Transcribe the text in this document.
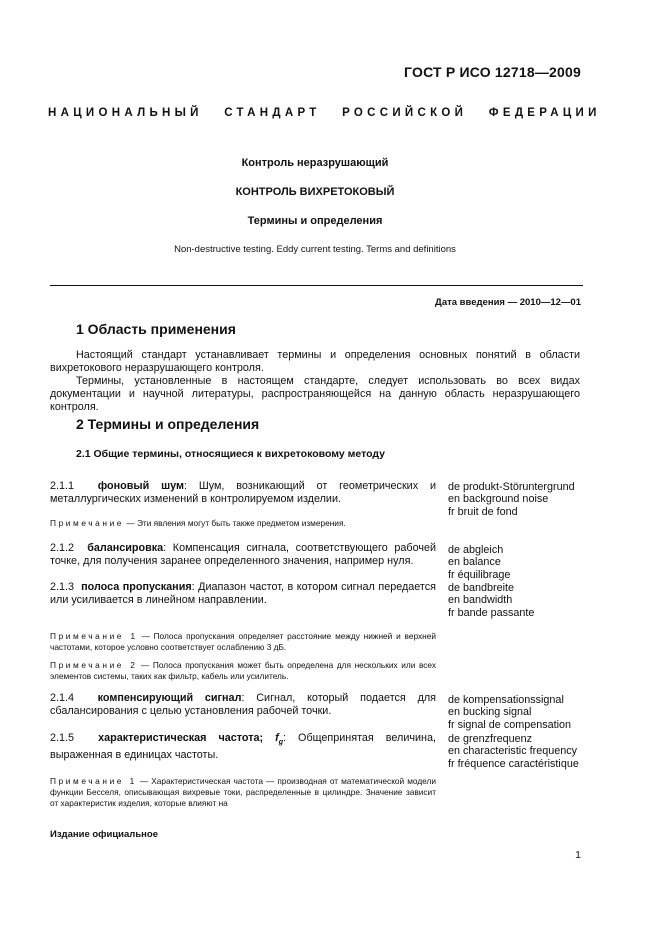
ГОСТ Р ИСО 12718—2009
НАЦИОНАЛЬНЫЙ СТАНДАРТ РОССИЙСКОЙ ФЕДЕРАЦИИ
Контроль неразрушающий
КОНТРОЛЬ ВИХРЕТОКОВЫЙ
Термины и определения
Non-destructive testing. Eddy current testing. Terms and definitions
Дата введения — 2010—12—01
1 Область применения
Настоящий стандарт устанавливает термины и определения основных понятий в области вихретокового неразрушающего контроля.
Термины, установленные в настоящем стандарте, следует использовать во всех видах документации и научной литературы, распространяющейся на данную область неразрушающего контроля.
2 Термины и определения
2.1 Общие термины, относящиеся к вихретоковому методу
2.1.1 фоновый шум: Шум, возникающий от геометрических и металлургических изменений в контролируемом изделии.
de produkt-Störuntergrund
en background noise
fr bruit de fond
Примечание — Эти явления могут быть также предметом измерения.
2.1.2 балансировка: Компенсация сигнала, соответствующего рабочей точке, для получения заранее определенного значения, например нуля.
de abgleich
en balance
fr équilibrage
2.1.3 полоса пропускания: Диапазон частот, в котором сигнал передается или усиливается в линейном направлении.
de bandbreite
en bandwidth
fr bande passante
Примечание 1 — Полоса пропускания определяет расстояние между нижней и верхней частотами, которое условно соответствует ослаблению 3 дБ.
Примечание 2 — Полоса пропускания может быть определена для нескольких или всех элементов системы, таких как фильтр, кабель или усилитель.
2.1.4 компенсирующий сигнал: Сигнал, который подается для сбалансирования с целью установления рабочей точки.
de kompensationssignal
en bucking signal
fr signal de compensation
2.1.5 характеристическая частота; $f_g$: Общепринятая величина, выраженная в единицах частоты.
de grenzfrequenz
en characteristic frequency
fr fréquence caractéristique
Примечание 1 — Характеристическая частота — производная от математической модели функции Бесселя, описывающая вихревые токи, распределенные в цилиндре. Значение зависит от характеристик изделия, которые влияют на
Издание официальное
1
